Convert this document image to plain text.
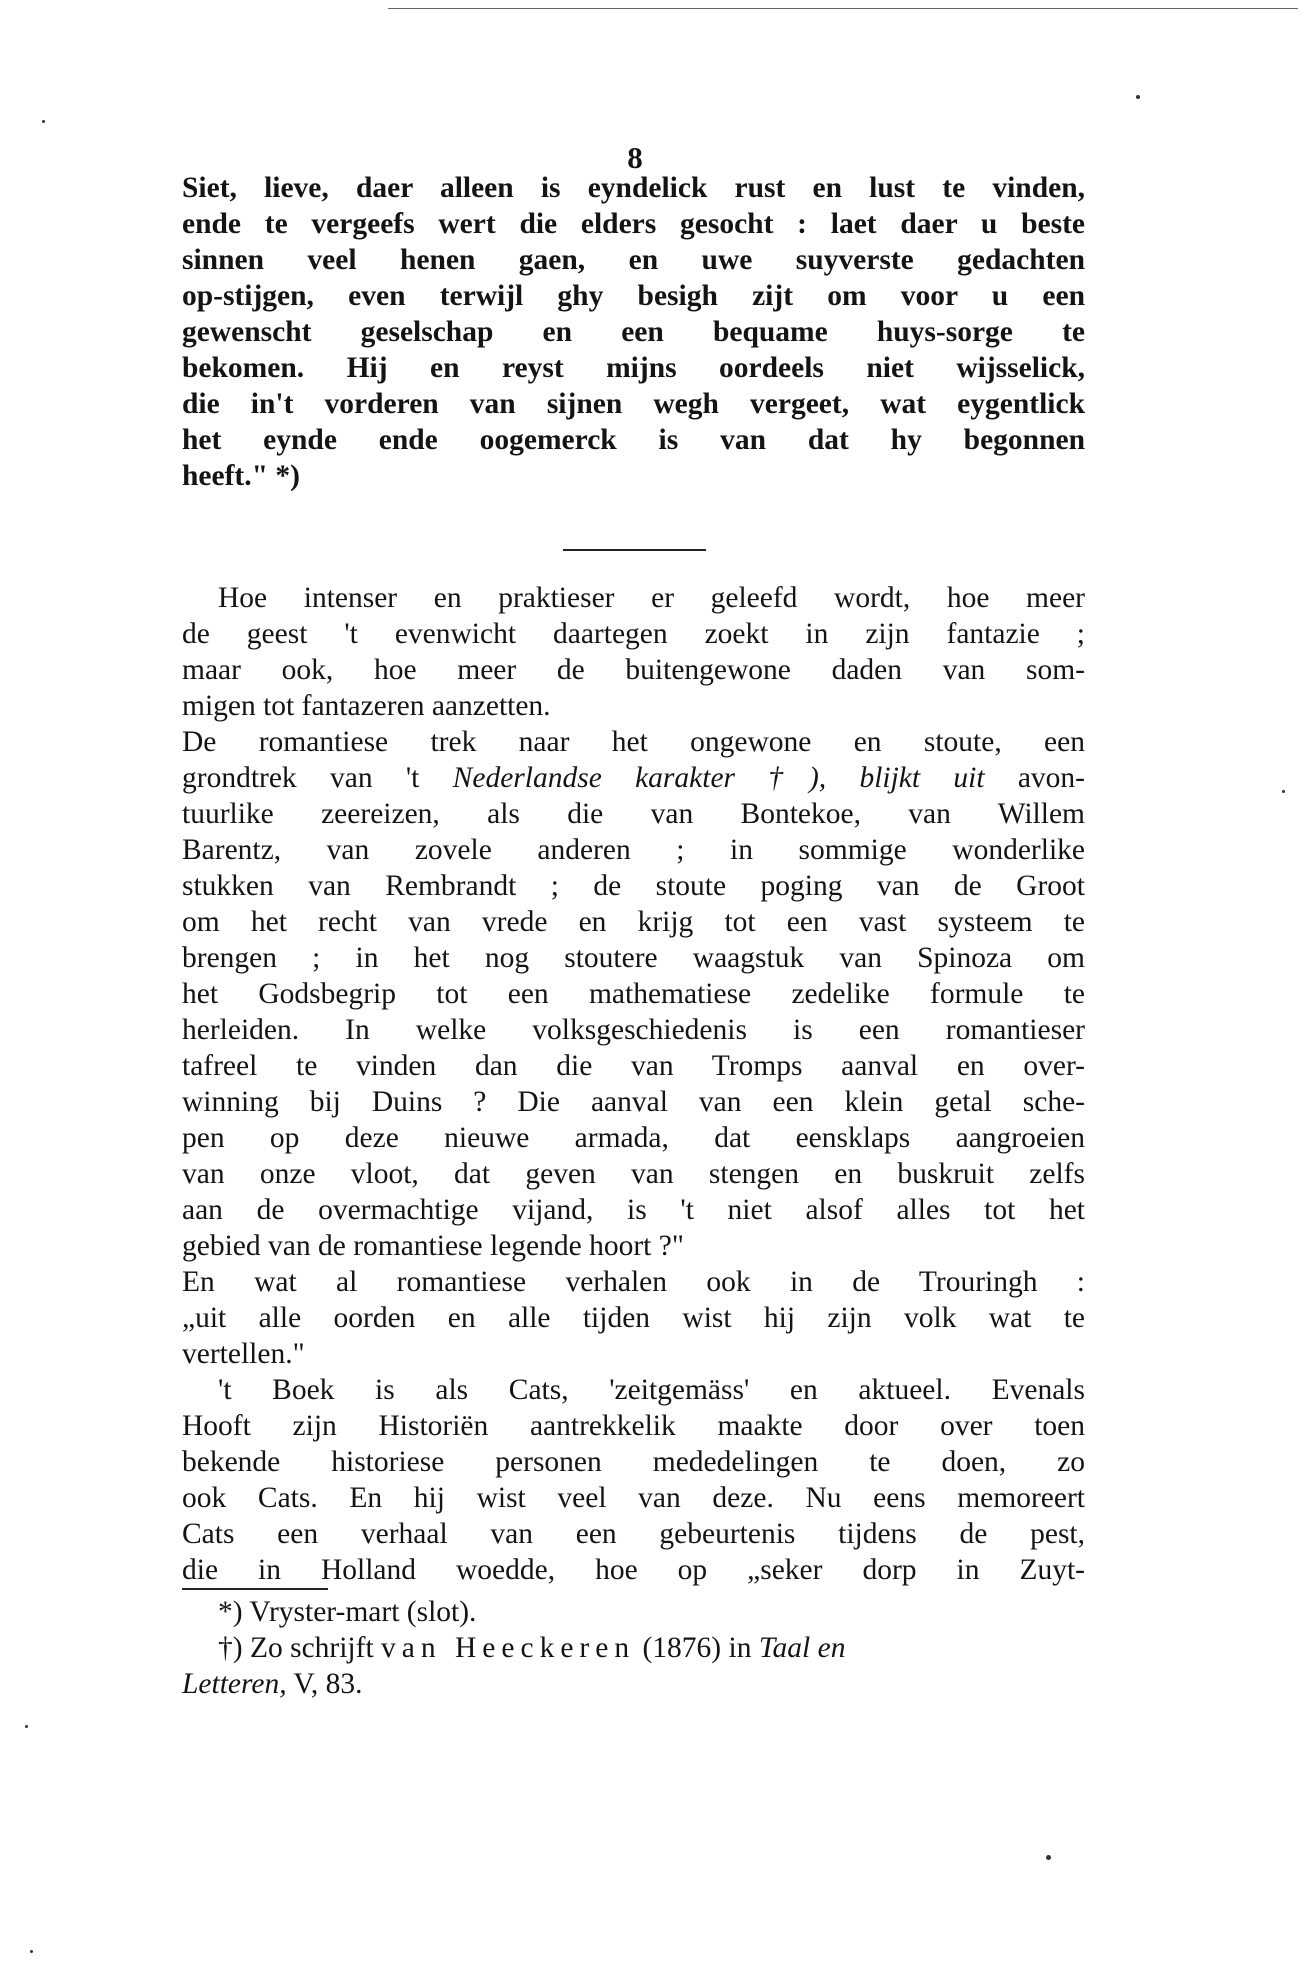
8
Siet, lieve, daer alleen is eyndelick rust en lust te vinden,
ende te vergeefs wert die elders gesocht : laet daer u beste
sinnen veel henen gaen, en uwe suyverste gedachten
op-stijgen, even terwijl ghy besigh zijt om voor u een
gewenscht geselschap en een bequame huys-sorge te
bekomen. Hij en reyst mijns oordeels niet wijsselick,
die in't vorderen van sijnen wegh vergeet, wat eygentlick
het eynde ende oogemerck is van dat hy begonnen
heeft." *)
Hoe intenser en praktieser er geleefd wordt, hoe meer
de geest 't evenwicht daartegen zoekt in zijn fantazie ;
maar ook, hoe meer de buitengewone daden van som-
migen tot fantazeren aanzetten.
De romantiese trek naar het ongewone en stoute, een
grondtrek van 't Nederlandse karakter †), blijkt uit avon-
tuurlike zeereizen, als die van Bontekoe, van Willem
Barentz, van zovele anderen ; in sommige wonderlike
stukken van Rembrandt ; de stoute poging van de Groot
om het recht van vrede en krijg tot een vast systeem te
brengen ; in het nog stoutere waagstuk van Spinoza om
het Godsbegrip tot een mathematiese zedelike formule te
herleiden. In welke volksgeschiedenis is een romantieser
tafreel te vinden dan die van Tromps aanval en over-
winning bij Duins ? Die aanval van een klein getal sche-
pen op deze nieuwe armada, dat eensklaps aangroeien
van onze vloot, dat geven van stengen en buskruit zelfs
aan de overmachtige vijand, is 't niet alsof alles tot het
gebied van de romantiese legende hoort ?"
En wat al romantiese verhalen ook in de Trouringh :
„uit alle oorden en alle tijden wist hij zijn volk wat te
vertellen."
't Boek is als Cats, 'zeitgemäss' en aktueel. Evenals
Hooft zijn Historiën aantrekkelik maakte door over toen
bekende historiese personen mededelingen te doen, zo
ook Cats. En hij wist veel van deze. Nu eens memoreert
Cats een verhaal van een gebeurtenis tijdens de pest,
die in Holland woedde, hoe op „seker dorp in Zuyt-
*) Vryster-mart (slot).
†) Zo schrijft van Heeckeren (1876) in Taal en
Letteren, V, 83.
